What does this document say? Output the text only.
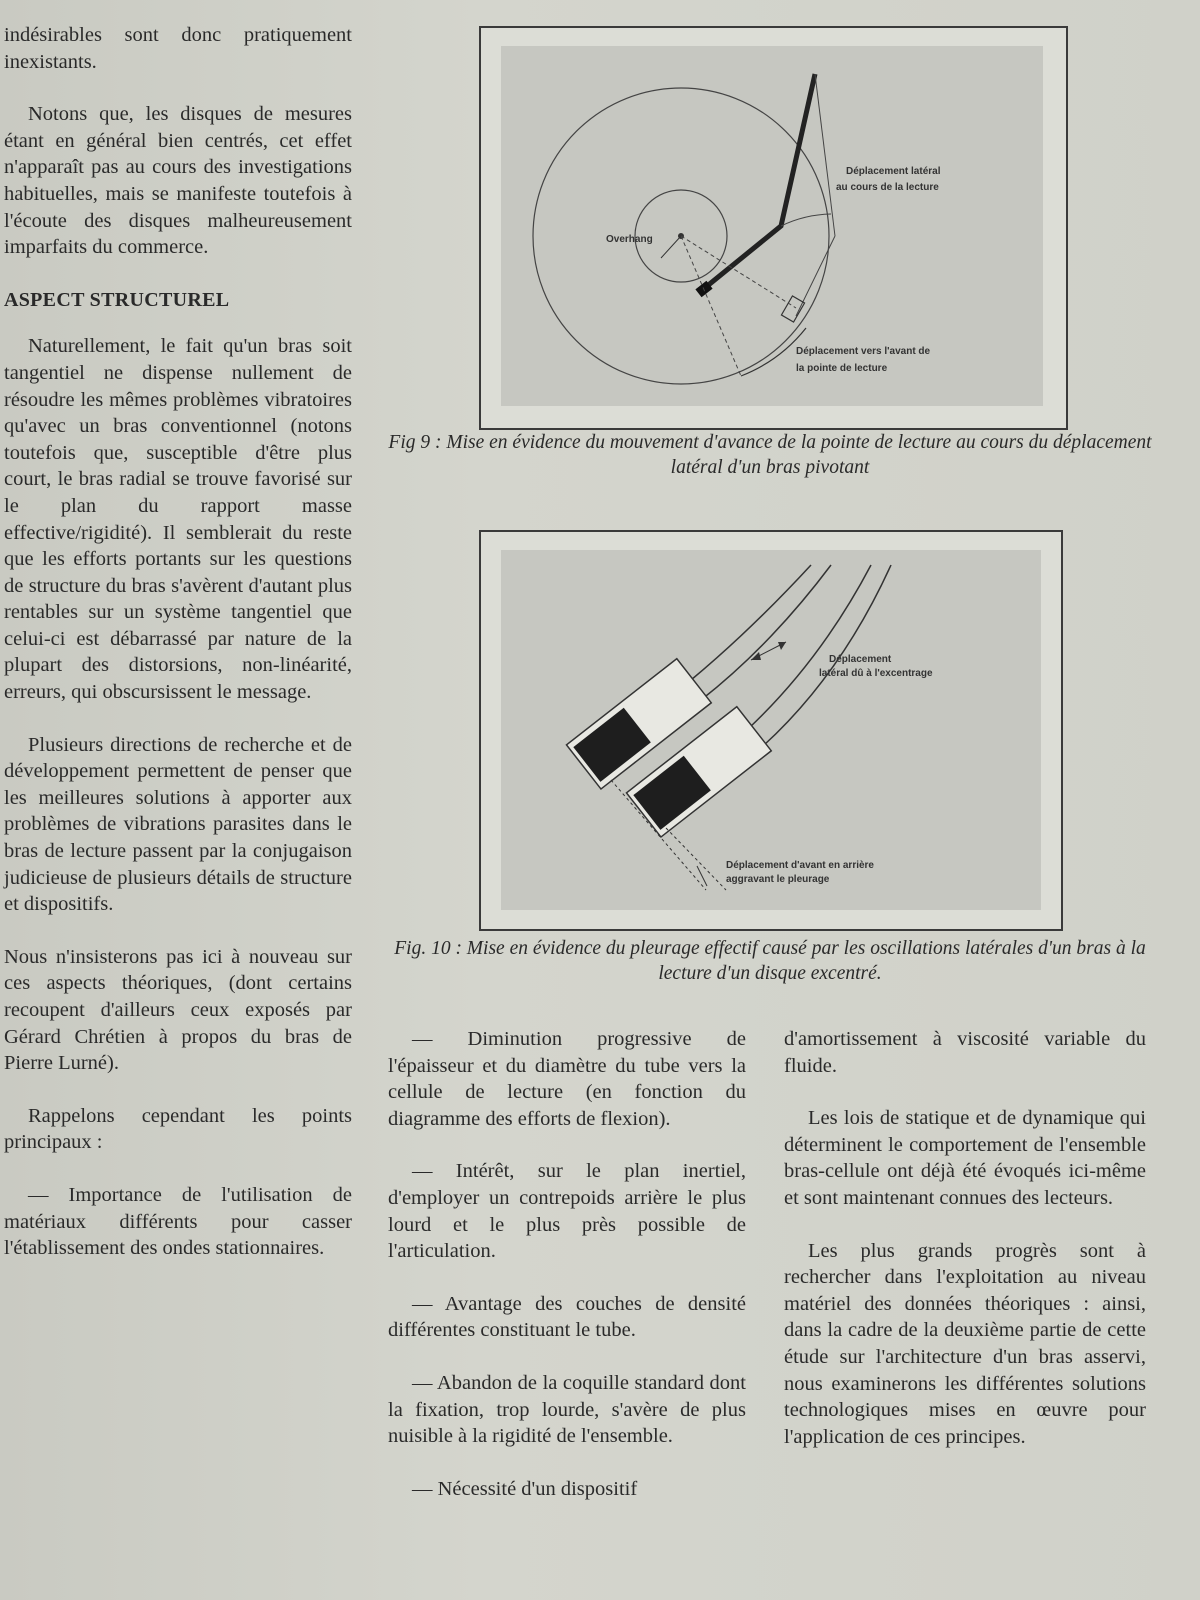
indésirables sont donc pratiquement inexistants.

Notons que, les disques de mesures étant en général bien centrés, cet effet n'apparaît pas au cours des investigations habituelles, mais se manifeste toutefois à l'écoute des disques malheureusement imparfaits du commerce.

ASPECT STRUCTUREL

Naturellement, le fait qu'un bras soit tangentiel ne dispense nullement de résoudre les mêmes problèmes vibratoires qu'avec un bras conventionnel (notons toutefois que, susceptible d'être plus court, le bras radial se trouve favorisé sur le plan du rapport masse effective/rigidité). Il semblerait du reste que les efforts portants sur les questions de structure du bras s'avèrent d'autant plus rentables sur un système tangentiel que celui-ci est débarrassé par nature de la plupart des distorsions, non-linéarité, erreurs, qui obscursissent le message.

Plusieurs directions de recherche et de développement permettent de penser que les meilleures solutions à apporter aux problèmes de vibrations parasites dans le bras de lecture passent par la conjugaison judicieuse de plusieurs détails de structure et dispositifs.

Nous n'insisterons pas ici à nouveau sur ces aspects théoriques, (dont certains recoupent d'ailleurs ceux exposés par Gérard Chrétien à propos du bras de Pierre Lurné).

Rappelons cependant les points principaux :

— Importance de l'utilisation de matériaux différents pour casser l'établissement des ondes stationnaires.

Déplacement latéral
au cours de la lecture
Overhang
Déplacement vers l'avant de
la pointe de lecture
Fig 9 : Mise en évidence du mouvement d'avance de la pointe de lecture au cours du déplacement latéral d'un bras pivotant
Déplacement
latéral dû à l'excentrage
Déplacement d'avant en arrière
aggravant le pleurage
Fig. 10 : Mise en évidence du pleurage effectif causé par les oscillations latérales d'un bras à la lecture d'un disque excentré.

— Diminution progressive de l'épaisseur et du diamètre du tube vers la cellule de lecture (en fonction du diagramme des efforts de flexion).

— Intérêt, sur le plan inertiel, d'employer un contrepoids arrière le plus lourd et le plus près possible de l'articulation.

— Avantage des couches de densité différentes constituant le tube.

— Abandon de la coquille standard dont la fixation, trop lourde, s'avère de plus nuisible à la rigidité de l'ensemble.

— Nécessité d'un dispositif

d'amortissement à viscosité variable du fluide.

Les lois de statique et de dynamique qui déterminent le comportement de l'ensemble bras-cellule ont déjà été évoqués ici-même et sont maintenant connues des lecteurs.

Les plus grands progrès sont à rechercher dans l'exploitation au niveau matériel des données théoriques : ainsi, dans la cadre de la deuxième partie de cette étude sur l'architecture d'un bras asservi, nous examinerons les différentes solutions technologiques mises en œuvre pour l'application de ces principes.
